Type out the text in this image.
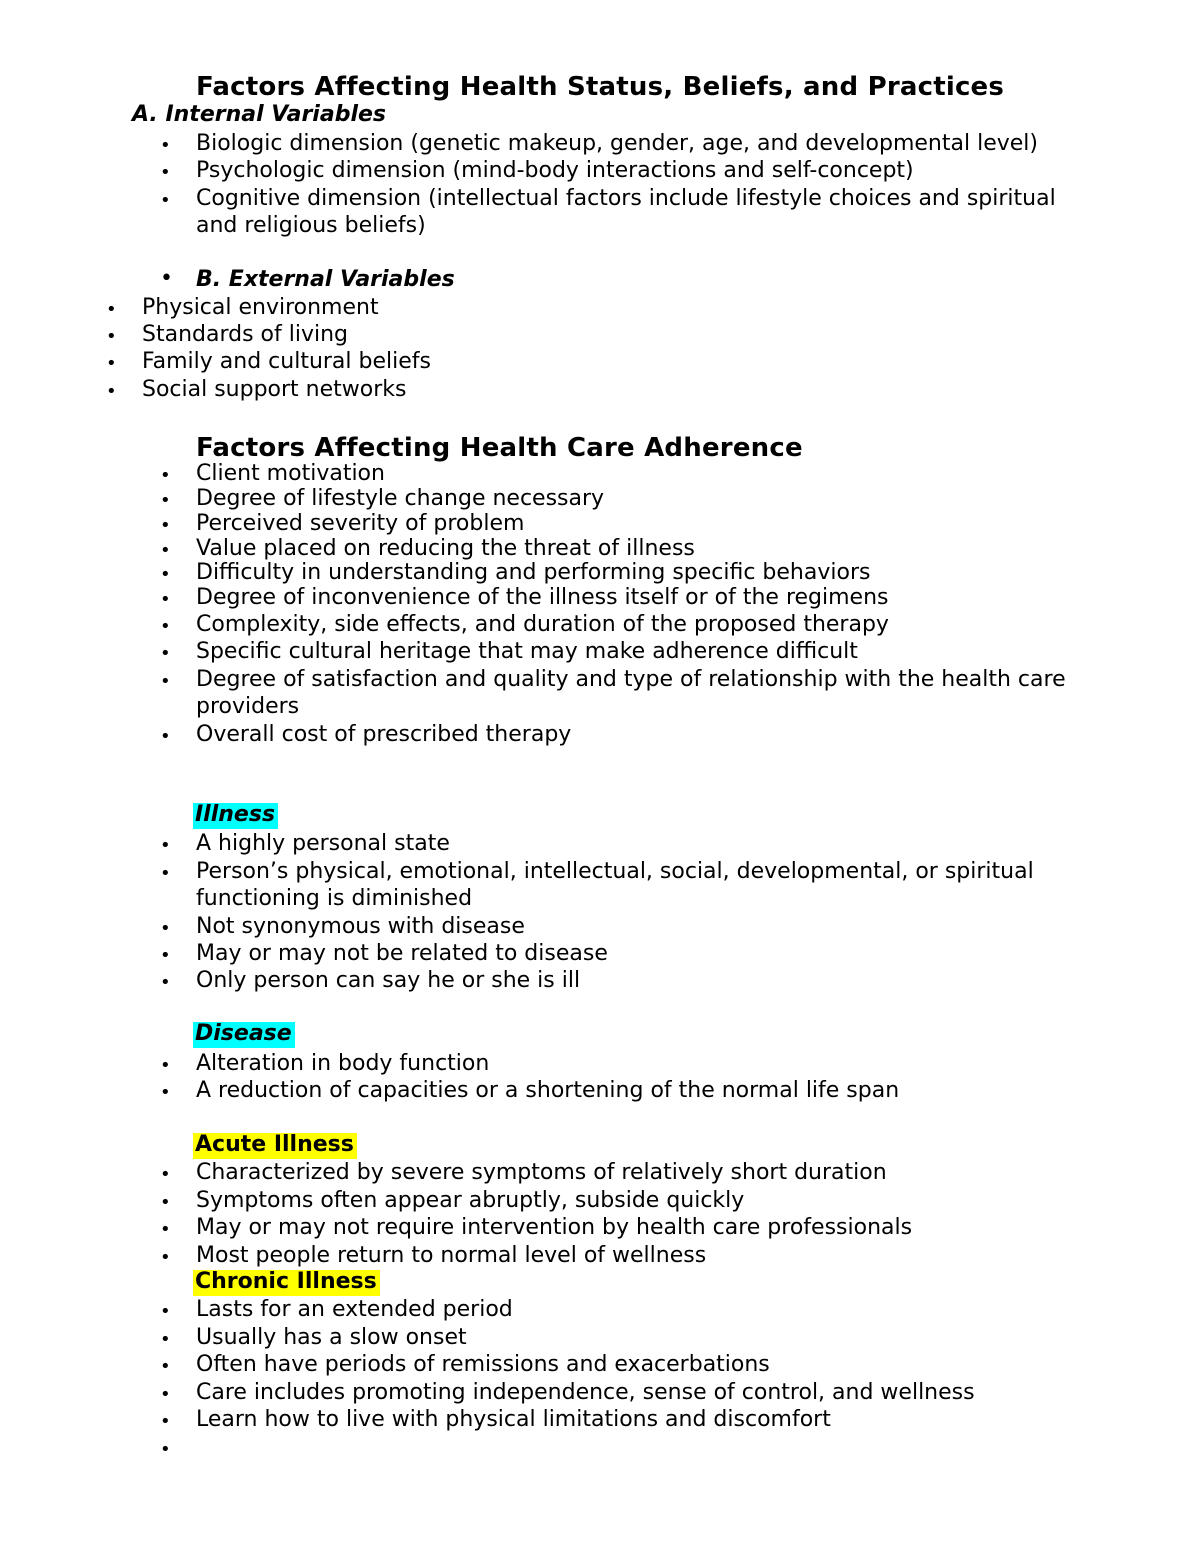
Factors Affecting Health Status, Beliefs, and Practices
A. Internal Variables
• Biologic dimension (genetic makeup, gender, age, and developmental level)
• Psychologic dimension (mind-body interactions and self-concept)
• Cognitive dimension (intellectual factors include lifestyle choices and spiritual
and religious beliefs)
• B. External Variables
• Physical environment
• Standards of living
• Family and cultural beliefs
• Social support networks
Factors Affecting Health Care Adherence
• Client motivation
• Degree of lifestyle change necessary
• Perceived severity of problem
• Value placed on reducing the threat of illness
• Difficulty in understanding and performing specific behaviors
• Degree of inconvenience of the illness itself or of the regimens
• Complexity, side effects, and duration of the proposed therapy
• Specific cultural heritage that may make adherence difficult
• Degree of satisfaction and quality and type of relationship with the health care
providers
• Overall cost of prescribed therapy
Illness
• A highly personal state
• Person’s physical, emotional, intellectual, social, developmental, or spiritual
functioning is diminished
• Not synonymous with disease
• May or may not be related to disease
• Only person can say he or she is ill
Disease
• Alteration in body function
• A reduction of capacities or a shortening of the normal life span
Acute Illness
• Characterized by severe symptoms of relatively short duration
• Symptoms often appear abruptly, subside quickly
• May or may not require intervention by health care professionals
• Most people return to normal level of wellness
Chronic Illness
• Lasts for an extended period
• Usually has a slow onset
• Often have periods of remissions and exacerbations
• Care includes promoting independence, sense of control, and wellness
• Learn how to live with physical limitations and discomfort
•
